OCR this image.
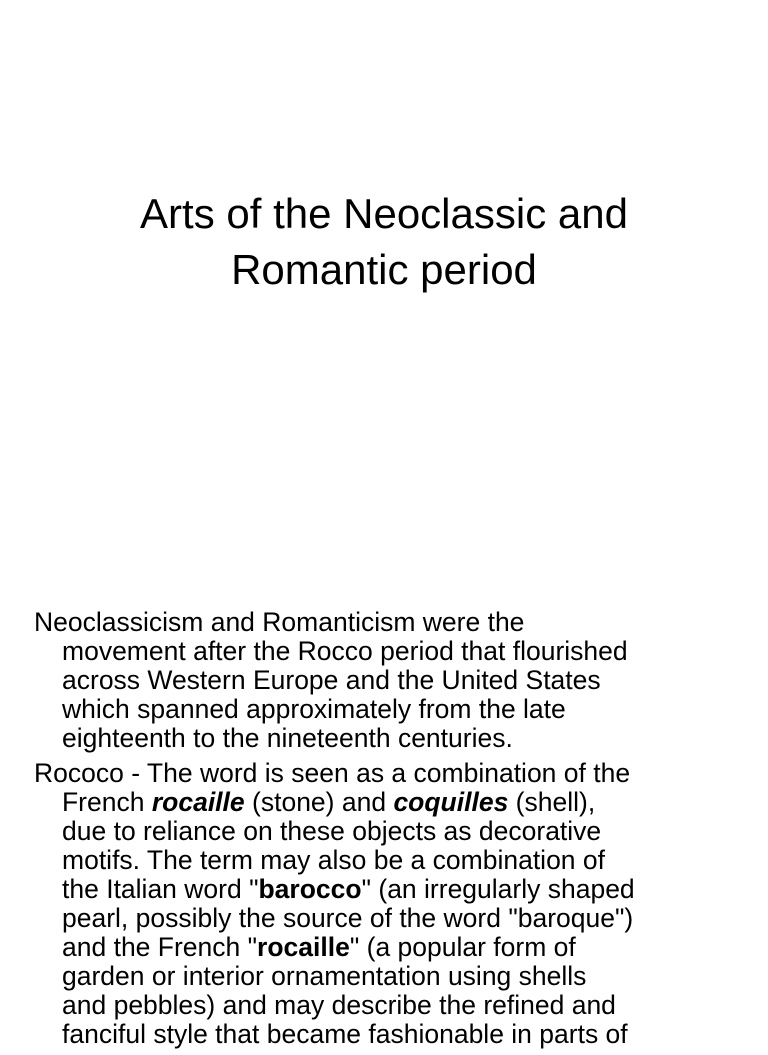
Arts of the Neoclassic and
Romantic period

Neoclassicism and Romanticism were the
movement after the Rocco period that flourished
across Western Europe and the United States
which spanned approximately from the late
eighteenth to the nineteenth centuries.

Rococo - The word is seen as a combination of the
French rocaille (stone) and coquilles (shell),
due to reliance on these objects as decorative
motifs. The term may also be a combination of
the Italian word "barocco" (an irregularly shaped
pearl, possibly the source of the word "baroque")
and the French "rocaille" (a popular form of
garden or interior ornamentation using shells
and pebbles) and may describe the refined and
fanciful style that became fashionable in parts of
